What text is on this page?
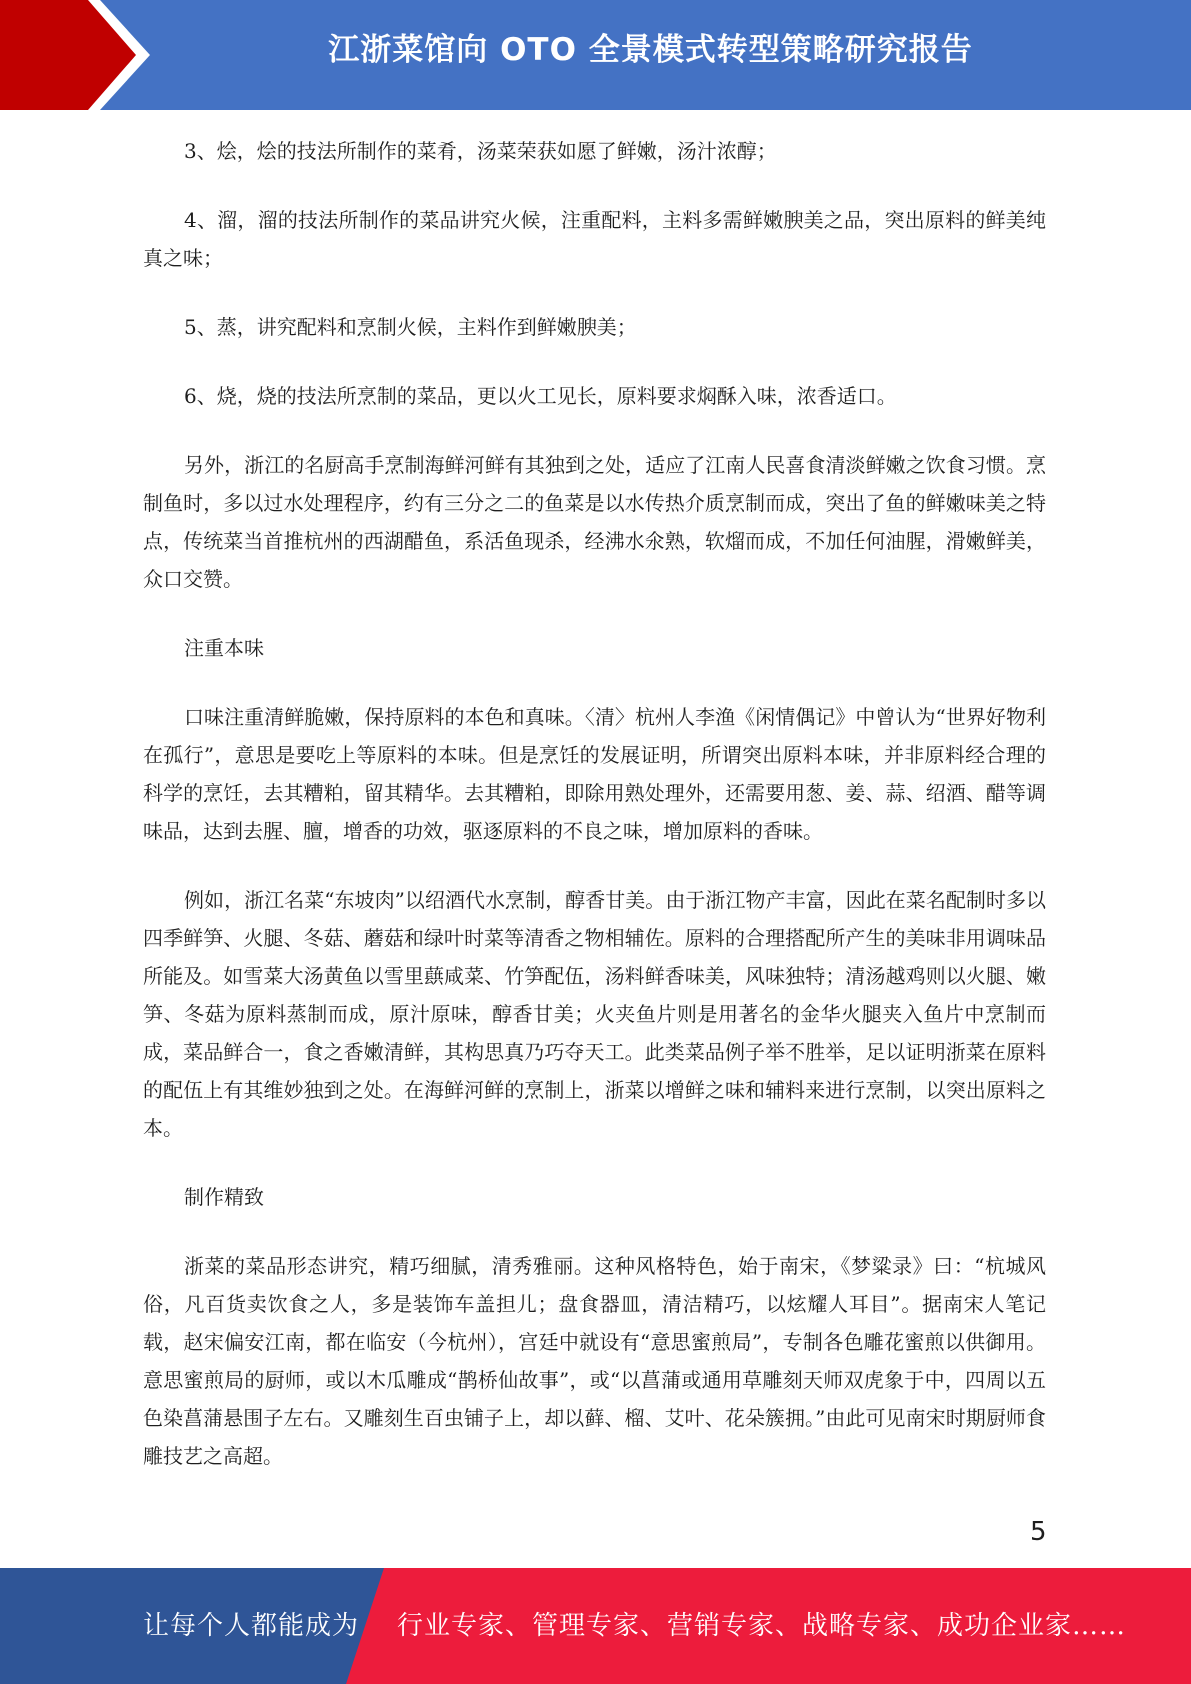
江浙菜馆向 OTO 全景模式转型策略研究报告

3、烩，烩的技法所制作的菜肴，汤菜荣获如愿了鲜嫩，汤汁浓醇；

4、溜，溜的技法所制作的菜品讲究火候，注重配料，主料多需鲜嫩腴美之品，突出原料的鲜美纯真之味；

5、蒸，讲究配料和烹制火候，主料作到鲜嫩腴美；

6、烧，烧的技法所烹制的菜品，更以火工见长，原料要求焖酥入味，浓香适口。

另外，浙江的名厨高手烹制海鲜河鲜有其独到之处，适应了江南人民喜食清淡鲜嫩之饮食习惯。烹制鱼时，多以过水处理程序，约有三分之二的鱼菜是以水传热介质烹制而成，突出了鱼的鲜嫩味美之特点，传统菜当首推杭州的西湖醋鱼，系活鱼现杀，经沸水氽熟，软熘而成，不加任何油腥，滑嫩鲜美，众口交赞。

注重本味

口味注重清鲜脆嫩，保持原料的本色和真味。〈清〉杭州人李渔《闲情偶记》中曾认为“世界好物利在孤行”，意思是要吃上等原料的本味。但是烹饪的发展证明，所谓突出原料本味，并非原料经合理的科学的烹饪，去其糟粕，留其精华。去其糟粕，即除用熟处理外，还需要用葱、姜、蒜、绍酒、醋等调味品，达到去腥、膻，增香的功效，驱逐原料的不良之味，增加原料的香味。

例如，浙江名菜“东坡肉”以绍酒代水烹制，醇香甘美。由于浙江物产丰富，因此在菜名配制时多以四季鲜笋、火腿、冬菇、蘑菇和绿叶时菜等清香之物相辅佐。原料的合理搭配所产生的美味非用调味品所能及。如雪菜大汤黄鱼以雪里蕻咸菜、竹笋配伍，汤料鲜香味美，风味独特；清汤越鸡则以火腿、嫩笋、冬菇为原料蒸制而成，原汁原味，醇香甘美；火夹鱼片则是用著名的金华火腿夹入鱼片中烹制而成，菜品鲜合一，食之香嫩清鲜，其构思真乃巧夺天工。此类菜品例子举不胜举，足以证明浙菜在原料的配伍上有其维妙独到之处。在海鲜河鲜的烹制上，浙菜以增鲜之味和辅料来进行烹制，以突出原料之本。

制作精致

浙菜的菜品形态讲究，精巧细腻，清秀雅丽。这种风格特色，始于南宋，《梦粱录》曰：“杭城风俗，凡百货卖饮食之人，多是装饰车盖担儿；盘食器皿，清洁精巧，以炫耀人耳目”。据南宋人笔记载，赵宋偏安江南，都在临安（今杭州），宫廷中就设有“意思蜜煎局”，专制各色雕花蜜煎以供御用。意思蜜煎局的厨师，或以木瓜雕成“鹊桥仙故事”，或“以菖蒲或通用草雕刻天师双虎象于中，四周以五色染菖蒲悬围子左右。又雕刻生百虫铺子上，却以藓、榴、艾叶、花朵簇拥。”由此可见南宋时期厨师食雕技艺之高超。

5
让每个人都能成为 行业专家、管理专家、营销专家、战略专家、成功企业家……
